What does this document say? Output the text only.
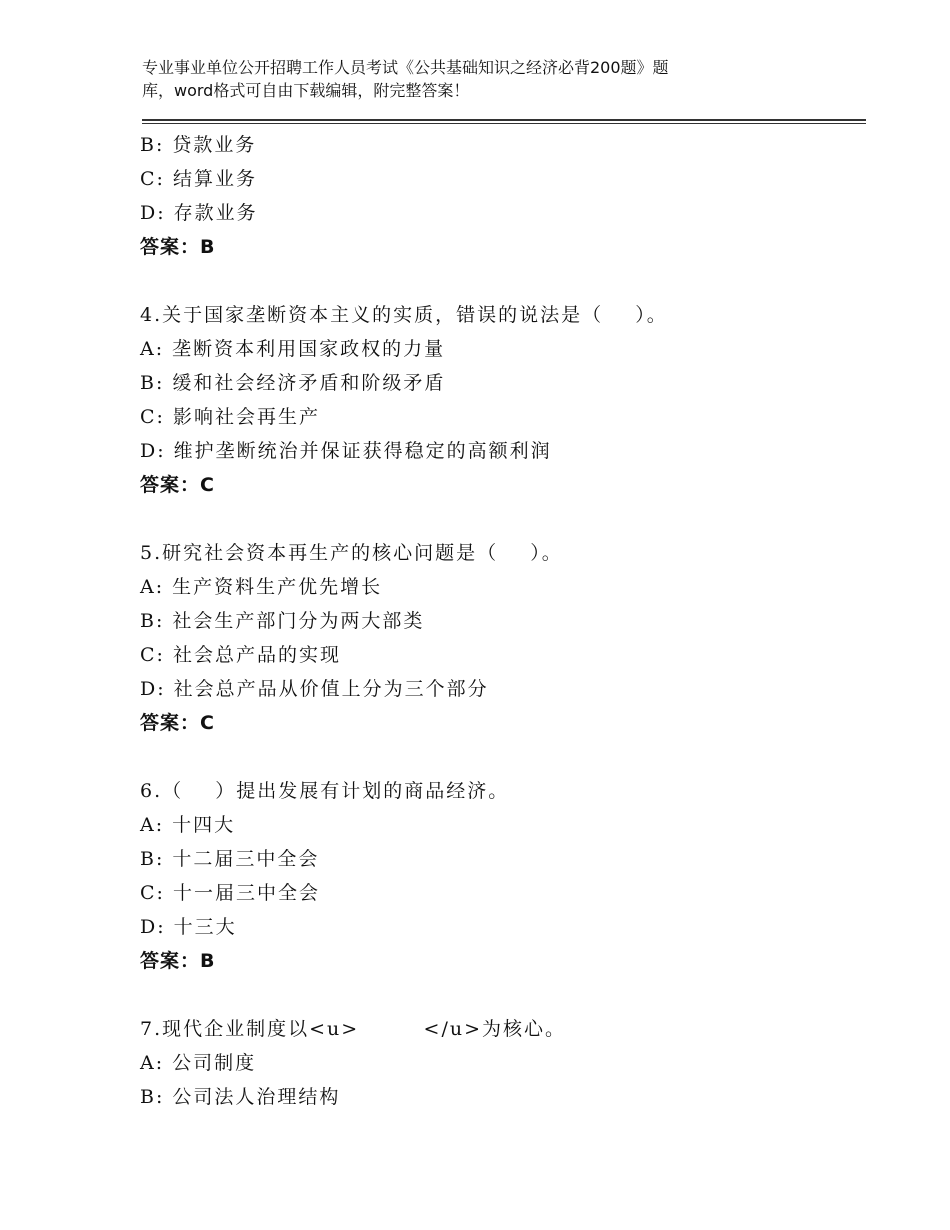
专业事业单位公开招聘工作人员考试《公共基础知识之经济必背200题》题
库，word格式可自由下载编辑，附完整答案！
B: 贷款业务
C: 结算业务
D: 存款业务
答案：B
4.关于国家垄断资本主义的实质，错误的说法是（    ）。
A: 垄断资本利用国家政权的力量
B: 缓和社会经济矛盾和阶级矛盾
C: 影响社会再生产
D: 维护垄断统治并保证获得稳定的高额利润
答案：C
5.研究社会资本再生产的核心问题是（    ）。
A: 生产资料生产优先增长
B: 社会生产部门分为两大部类
C: 社会总产品的实现
D: 社会总产品从价值上分为三个部分
答案：C
6.（    ）提出发展有计划的商品经济。
A: 十四大
B: 十二届三中全会
C: 十一届三中全会
D: 十三大
答案：B
7.现代企业制度以<u>        </u>为核心。
A: 公司制度
B: 公司法人治理结构
